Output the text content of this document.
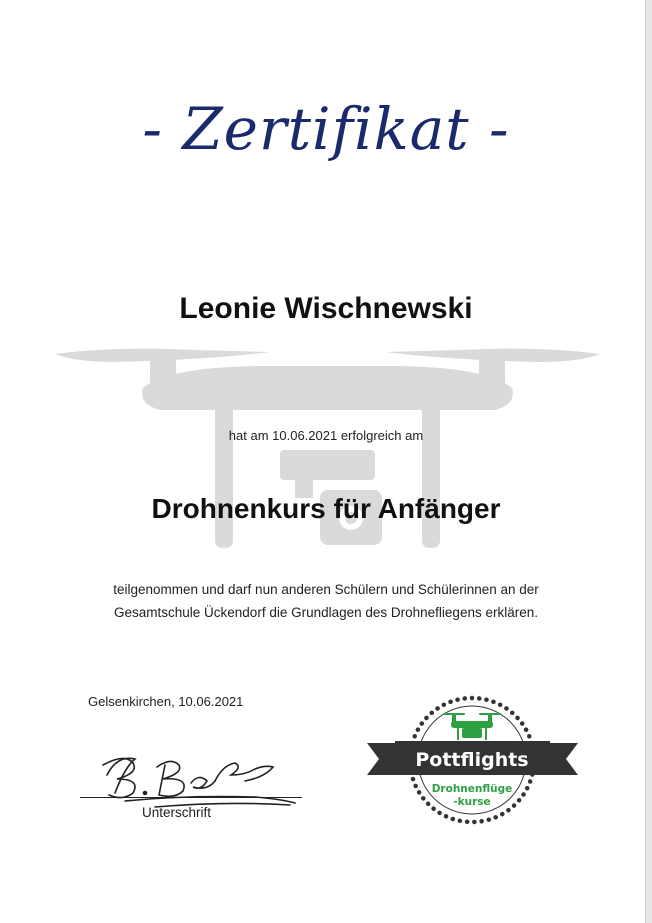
- Zertifikat -
Leonie Wischnewski
hat am 10.06.2021 erfolgreich am
Drohnenkurs für Anfänger
teilgenommen und darf nun anderen Schülern und Schülerinnen an der
Gesamtschule Ückendorf die Grundlagen des Drohnefliegens erklären.
Gelsenkirchen, 10.06.2021
Unterschrift
Pottflights
Drohnenflüge
-kurse
